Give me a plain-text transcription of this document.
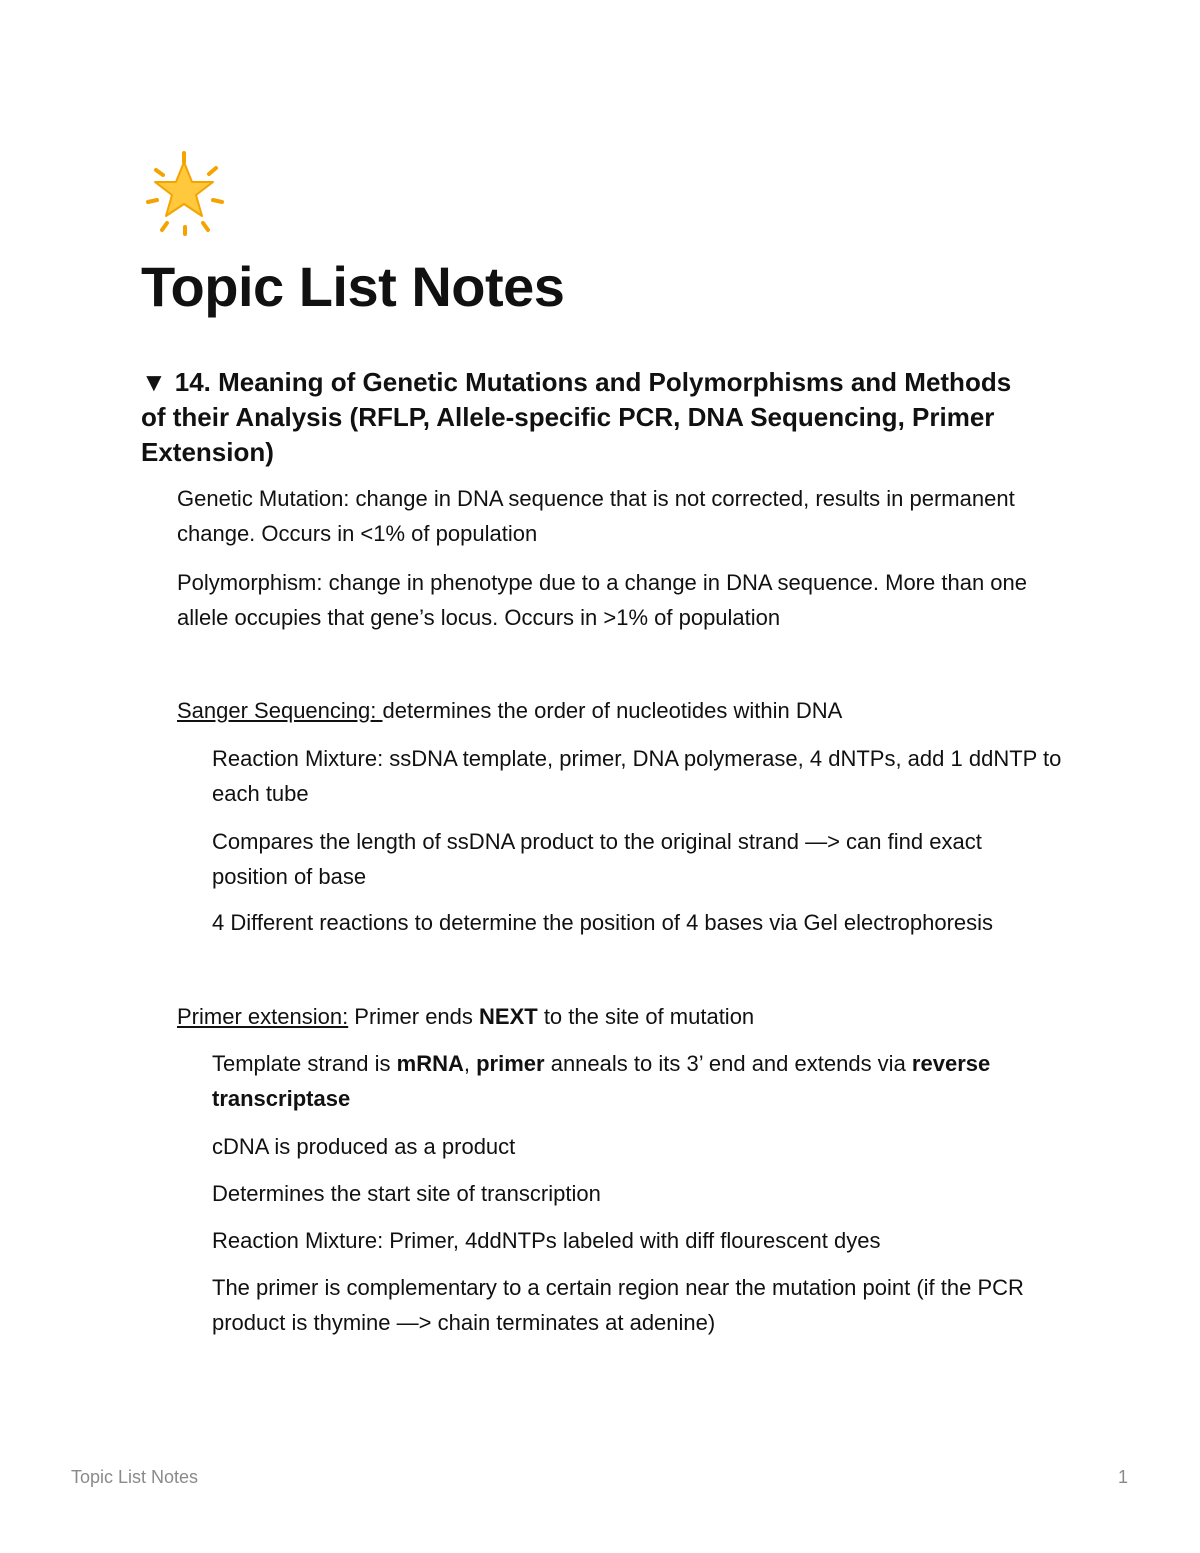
Topic List Notes
▼ 14. Meaning of Genetic Mutations and Polymorphisms and Methods of their Analysis (RFLP, Allele-specific PCR, DNA Sequencing, Primer Extension)

Genetic Mutation: change in DNA sequence that is not corrected, results in permanent change. Occurs in <1% of population

Polymorphism: change in phenotype due to a change in DNA sequence. More than one allele occupies that gene’s locus. Occurs in >1% of population

Sanger Sequencing: determines the order of nucleotides within DNA

Reaction Mixture: ssDNA template, primer, DNA polymerase, 4 dNTPs, add 1 ddNTP to each tube

Compares the length of ssDNA product to the original strand —> can find exact position of base

4 Different reactions to determine the position of 4 bases via Gel electrophoresis

Primer extension: Primer ends NEXT to the site of mutation

Template strand is mRNA, primer anneals to its 3’ end and extends via reverse transcriptase

cDNA is produced as a product

Determines the start site of transcription

Reaction Mixture: Primer, 4ddNTPs labeled with diff flourescent dyes

The primer is complementary to a certain region near the mutation point (if the PCR product is thymine —> chain terminates at adenine)

Topic List Notes	1
